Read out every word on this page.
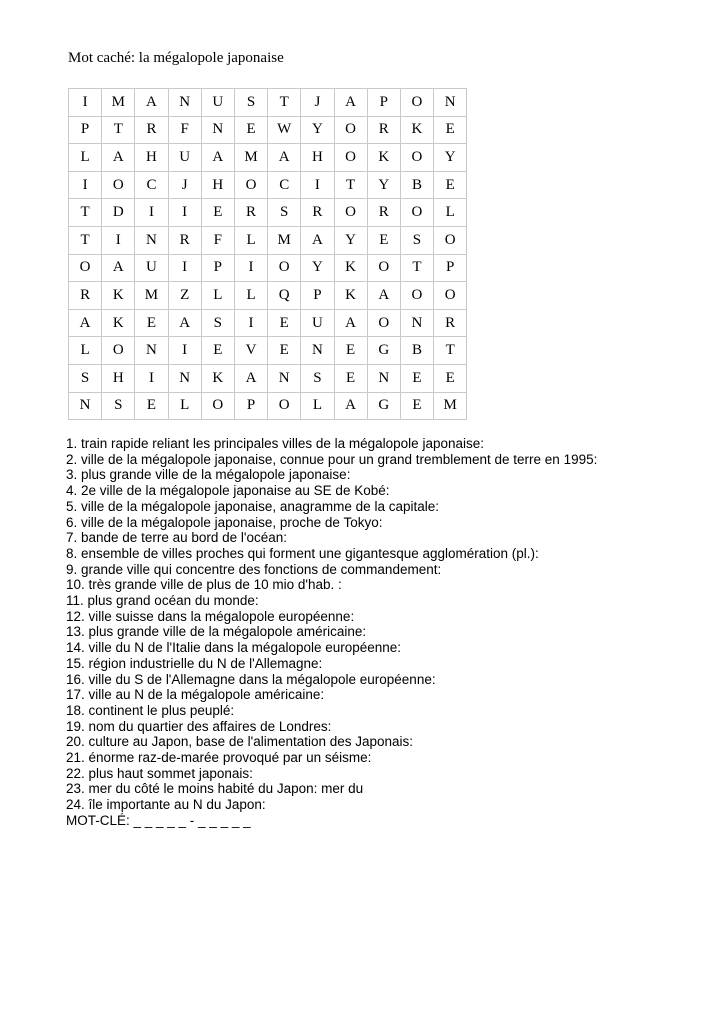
Mot caché: la mégalopole japonaise
I	M	A	N	U	S	T	J	A	P	O	N
P	T	R	F	N	E	W	Y	O	R	K	E
L	A	H	U	A	M	A	H	O	K	O	Y
I	O	C	J	H	O	C	I	T	Y	B	E
T	D	I	I	E	R	S	R	O	R	O	L
T	I	N	R	F	L	M	A	Y	E	S	O
O	A	U	I	P	I	O	Y	K	O	T	P
R	K	M	Z	L	L	Q	P	K	A	O	O
A	K	E	A	S	I	E	U	A	O	N	R
L	O	N	I	E	V	E	N	E	G	B	T
S	H	I	N	K	A	N	S	E	N	E	E
N	S	E	L	O	P	O	L	A	G	E	M
1. train rapide reliant les principales villes de la mégalopole japonaise:
2. ville de la mégalopole japonaise, connue pour un grand tremblement de terre en 1995:
3. plus grande ville de la mégalopole japonaise:
4. 2e ville de la mégalopole japonaise au SE de Kobé:
5. ville de la mégalopole japonaise, anagramme de la capitale:
6. ville de la mégalopole japonaise, proche de Tokyo:
7. bande de terre au bord de l'océan:
8. ensemble de villes proches qui forment une gigantesque agglomération (pl.):
9. grande ville qui concentre des fonctions de commandement:
10. très grande ville de plus de 10 mio d'hab. :
11. plus grand océan du monde:
12. ville suisse dans la mégalopole européenne:
13. plus grande ville de la mégalopole américaine:
14. ville du N de l'Italie dans la mégalopole européenne:
15. région industrielle du N de l'Allemagne:
16. ville du S de l'Allemagne dans la mégalopole européenne:
17. ville au N de la mégalopole américaine:
18. continent le plus peuplé:
19. nom du quartier des affaires de Londres:
20. culture au Japon, base de l'alimentation des Japonais:
21. énorme raz-de-marée provoqué par un séisme:
22. plus haut sommet japonais:
23. mer du côté le moins habité du Japon: mer du
24. île importante au N du Japon:
MOT-CLÉ: _ _ _ _ _ - _ _ _ _ _
